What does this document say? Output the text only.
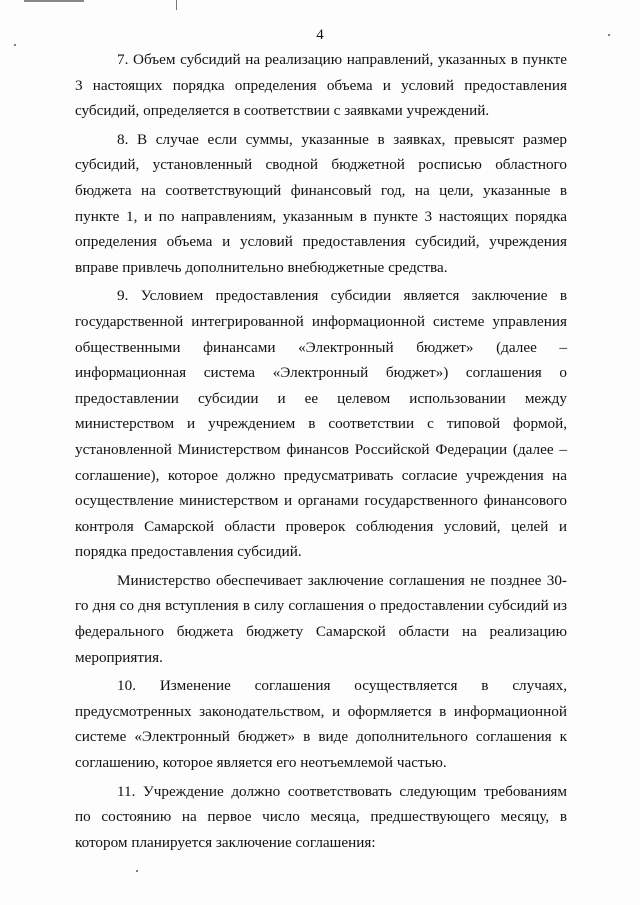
4

7. Объем субсидий на реализацию направлений, указанных в пункте 3 настоящих порядка определения объема и условий предоставления субсидий, определяется в соответствии с заявками учреждений.

8. В случае если суммы, указанные в заявках, превысят размер субсидий, установленный сводной бюджетной росписью областного бюджета на соответствующий финансовый год, на цели, указанные в пункте 1, и по направлениям, указанным в пункте 3 настоящих порядка определения объема и условий предоставления субсидий, учреждения вправе привлечь дополнительно внебюджетные средства.

9. Условием предоставления субсидии является заключение в государственной интегрированной информационной системе управления общественными финансами «Электронный бюджет» (далее – информационная система «Электронный бюджет») соглашения о предоставлении субсидии и ее целевом использовании между министерством и учреждением в соответствии с типовой формой, установленной Министерством финансов Российской Федерации (далее – соглашение), которое должно предусматривать согласие учреждения на осуществление министерством и органами государственного финансового контроля Самарской области проверок соблюдения условий, целей и порядка предоставления субсидий.

Министерство обеспечивает заключение соглашения не позднее 30-го дня со дня вступления в силу соглашения о предоставлении субсидий из федерального бюджета бюджету Самарской области на реализацию мероприятия.

10. Изменение соглашения осуществляется в случаях, предусмотренных законодательством, и оформляется в информационной системе «Электронный бюджет» в виде дополнительного соглашения к соглашению, которое является его неотъемлемой частью.

11. Учреждение должно соответствовать следующим требованиям по состоянию на первое число месяца, предшествующего месяцу, в котором планируется заключение соглашения:
